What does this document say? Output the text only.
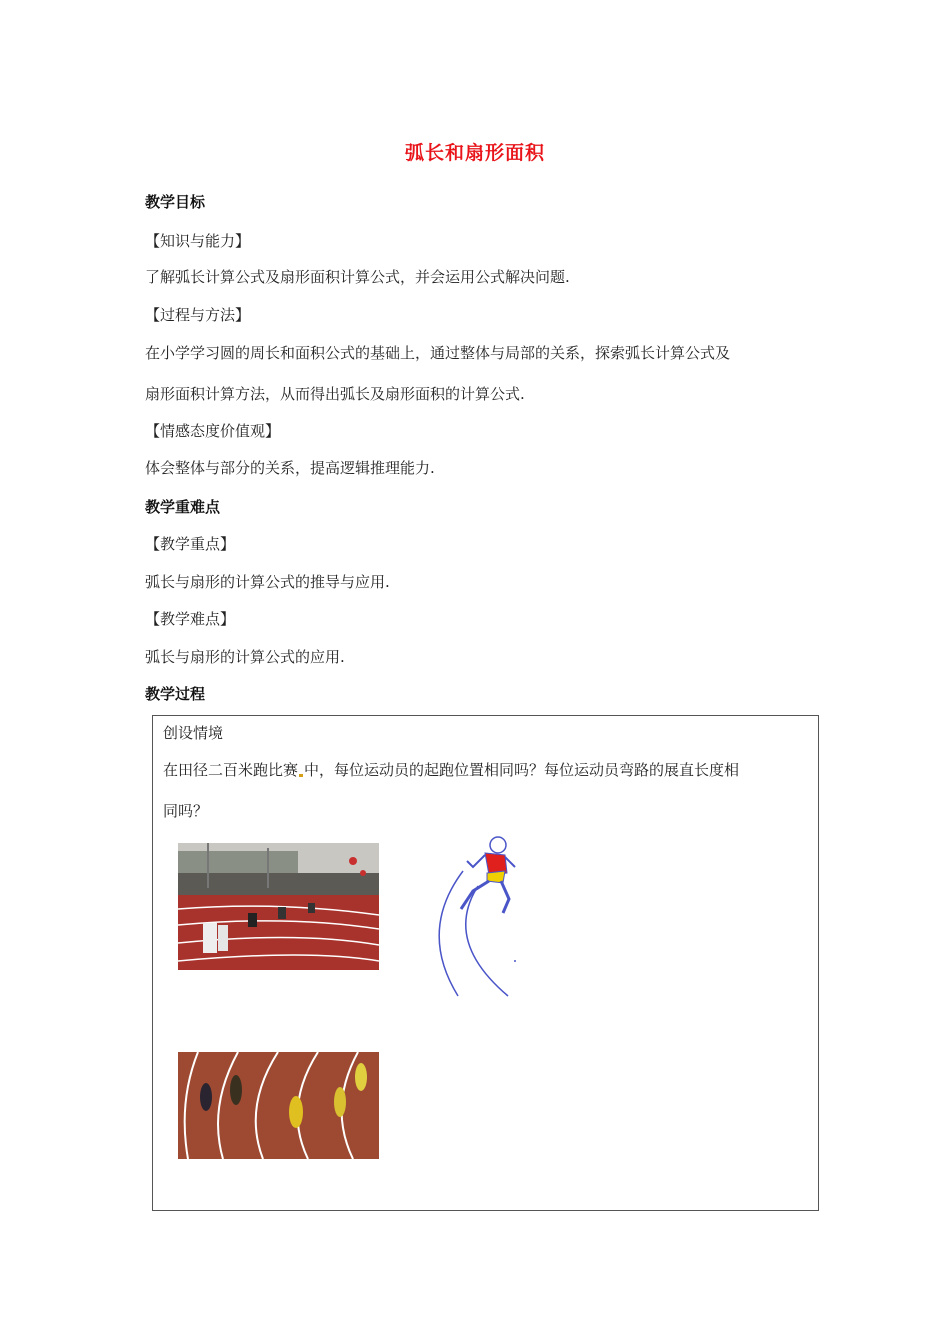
弧长和扇形面积
教学目标
【知识与能力】
了解弧长计算公式及扇形面积计算公式，并会运用公式解决问题.
【过程与方法】
在小学学习圆的周长和面积公式的基础上，通过整体与局部的关系，探索弧长计算公式及
扇形面积计算方法，从而得出弧长及扇形面积的计算公式.
【情感态度价值观】
体会整体与部分的关系，提高逻辑推理能力.
教学重难点
【教学重点】
弧长与扇形的计算公式的推导与应用.
【教学难点】
弧长与扇形的计算公式的应用.
教学过程
创设情境
在田径二百米跑比赛 中，每位运动员的起跑位置相同吗？每位运动员弯路的展直长度相
同吗？
